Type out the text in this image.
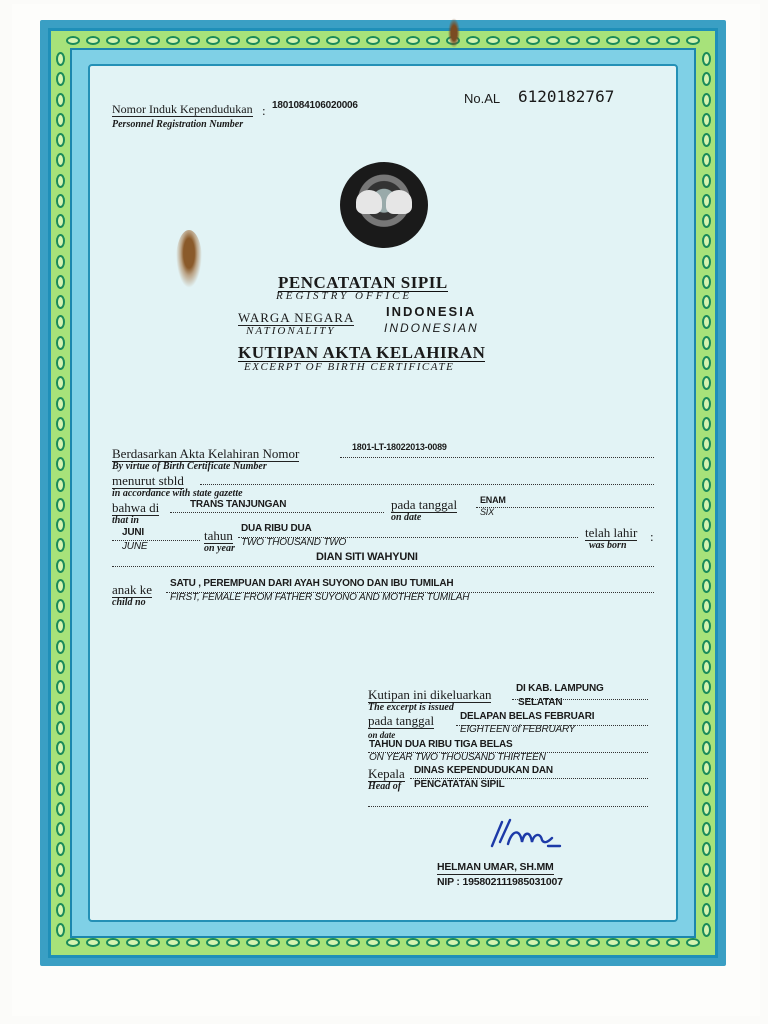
Nomor Induk Kependudukan
Personnel Registration Number
: 1801084106020006	No.AL 6120182767
PENCATATAN SIPIL
REGISTRY OFFICE
WARGA NEGARA
NATIONALITY
INDONESIA
INDONESIAN
KUTIPAN AKTA KELAHIRAN
EXCERPT OF BIRTH CERTIFICATE
Berdasarkan Akta Kelahiran Nomor
By virtue of Birth Certificate Number
1801-LT-18022013-0089
menurut stbld
in accordance with state gazette
bahwa di
that in
TRANS TANJUNGAN	pada tanggal
on date
ENAM
SIX
JUNI
JUNE
tahun
on year
DUA RIBU DUA
TWO THOUSAND TWO
telah lahir
was born
:
DIAN SITI WAHYUNI
anak ke
child no
SATU , PEREMPUAN DARI AYAH SUYONO DAN IBU TUMILAH
FIRST, FEMALE FROM FATHER SUYONO AND MOTHER TUMILAH
Kutipan ini dikeluarkan
The excerpt is issued
DI KAB. LAMPUNG
SELATAN
pada tanggal
on date
DELAPAN BELAS FEBRUARI
EIGHTEEN of FEBRUARY
TAHUN DUA RIBU TIGA BELAS
ON YEAR TWO THOUSAND THIRTEEN
Kepala
Head of
DINAS KEPENDUDUKAN DAN
PENCATATAN SIPIL
HELMAN UMAR, SH.MM
NIP : 195802111985031007
